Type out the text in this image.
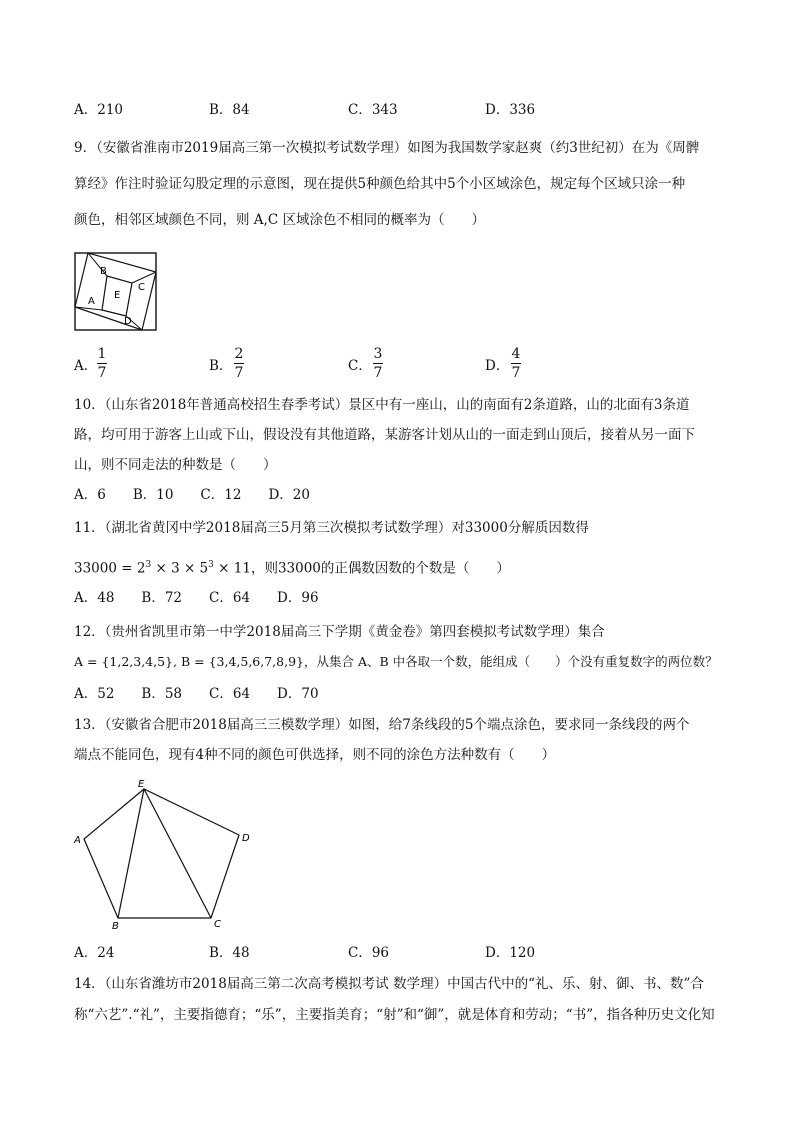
A．210	B．84	C．343	D．336
9．（安徽省淮南市2019届高三第一次模拟考试数学理）如图为我国数学家赵爽（约3世纪初）在为《周髀
算经》作注时验证勾股定理的示意图，现在提供5种颜色给其中5个小区域涂色，规定每个区域只涂一种
颜色，相邻区域颜色不同，则 A,C 区域涂色不相同的概率为（　　）
A
B
C
D
E
A．
1
7	B．
2
7	C．
3
7	D．
4
7
10．（山东省2018年普通高校招生春季考试）景区中有一座山，山的南面有2条道路，山的北面有3条道
路，均可用于游客上山或下山，假设没有其他道路，某游客计划从山的一面走到山顶后，接着从另一面下
山，则不同走法的种数是（　　）
A．6　　B．10　　C．12　　D．20
11．（湖北省黄冈中学2018届高三5月第三次模拟考试数学理）对33000分解质因数得
$33000 = 2^3 \times 3 \times 5^3 \times 11$，则33000的正偶数因数的个数是（　　）
A．48　　B．72　　C．64　　D．96
12．（贵州省凯里市第一中学2018届高三下学期《黄金卷》第四套模拟考试数学理）集合
A = {1,2,3,4,5}, B = {3,4,5,6,7,8,9}，从集合 A、B 中各取一个数，能组成（　　）个没有重复数字的两位数？
A．52　　B．58　　C．64　　D．70
13．（安徽省合肥市2018届高三三模数学理）如图，给7条线段的5个端点涂色，要求同一条线段的两个
端点不能同色，现有4种不同的颜色可供选择，则不同的涂色方法种数有（　　）
E
A	D
B	C
A．24	B．48	C．96	D．120
14．（山东省潍坊市2018届高三第二次高考模拟考试 数学理）中国古代中的“礼、乐、射、御、书、数”合
称“六艺”.“礼”，主要指德育；“乐”，主要指美育；“射”和“御”，就是体育和劳动；“书”，指各种历史文化知
